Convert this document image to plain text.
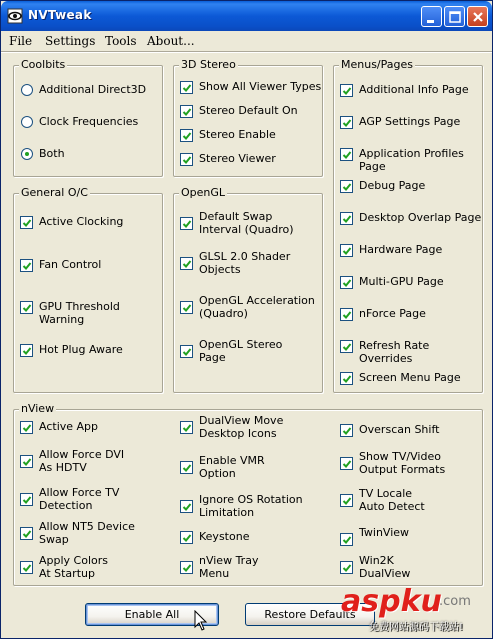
NVTweak
File Settings Tools About...
Coolbits
Additional Direct3D
Clock Frequencies
Both
3D Stereo
Show All Viewer Types
Stereo Default On
Stereo Enable
Stereo Viewer
Menus/Pages
Additional Info Page
AGP Settings Page
Application Profiles Page
Debug Page
Desktop Overlap Page
Hardware Page
Multi-GPU Page
nForce Page
Refresh Rate Overrides
Screen Menu Page
General O/C
Active Clocking
Fan Control
GPU Threshold Warning
Hot Plug Aware
OpenGL
Default Swap
Interval (Quadro)
GLSL 2.0 Shader
Objects
OpenGL Acceleration
(Quadro)
OpenGL Stereo
Page
nView
Active App
Allow Force DVI
As HDTV
Allow Force TV
Detection
Allow NT5 Device
Swap
Apply Colors
At Startup
DualView Move
Desktop Icons
Enable VMR
Option
Ignore OS Rotation
Limitation
Keystone
nView Tray
Menu
Overscan Shift
Show TV/Video
Output Formats
TV Locale
Auto Detect
TwinView
Win2K
DualView
Enable All	Restore Defaults
aspku
.com
免费网站源码下载站!
